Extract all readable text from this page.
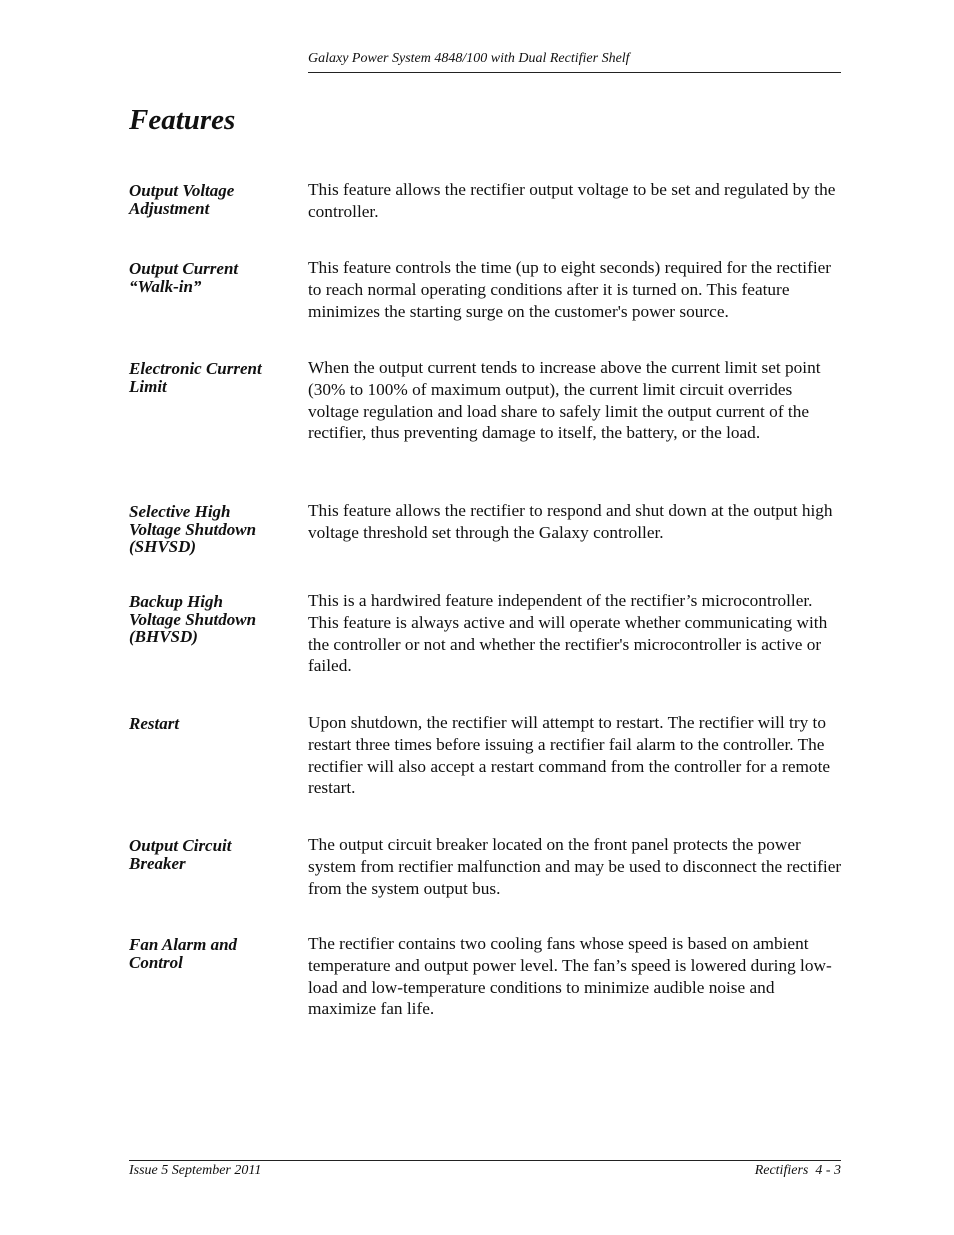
Galaxy Power System 4848/100 with Dual Rectifier Shelf
Features
Output Voltage
Adjustment
This feature allows the rectifier output voltage to be set and regulated by the controller.
Output Current
“Walk-in”
This feature controls the time (up to eight seconds) required for the rectifier to reach normal operating conditions after it is turned on. This feature minimizes the starting surge on the customer's power source.
Electronic Current
Limit
When the output current tends to increase above the current limit set point (30% to 100% of maximum output), the current limit circuit overrides voltage regulation and load share to safely limit the output current of the rectifier, thus preventing damage to itself, the battery, or the load.
Selective High
Voltage Shutdown
(SHVSD)
This feature allows the rectifier to respond and shut down at the output high voltage threshold set through the Galaxy controller.
Backup High
Voltage Shutdown
(BHVSD)
This is a hardwired feature independent of the rectifier’s microcontroller. This feature is always active and will operate whether communicating with the controller or not and whether the rectifier's microcontroller is active or failed.
Restart	Upon shutdown, the rectifier will attempt to restart. The rectifier will try to restart three times before issuing a rectifier fail alarm to the controller. The rectifier will also accept a restart command from the controller for a remote restart.
Output Circuit
Breaker
The output circuit breaker located on the front panel protects the power system from rectifier malfunction and may be used to disconnect the rectifier from the system output bus.
Fan Alarm and
Control
The rectifier contains two cooling fans whose speed is based on ambient temperature and output power level. The fan’s speed is lowered during low-load and low-temperature conditions to minimize audible noise and maximize fan life.
Issue 5 September 2011	Rectifiers  4 - 3
